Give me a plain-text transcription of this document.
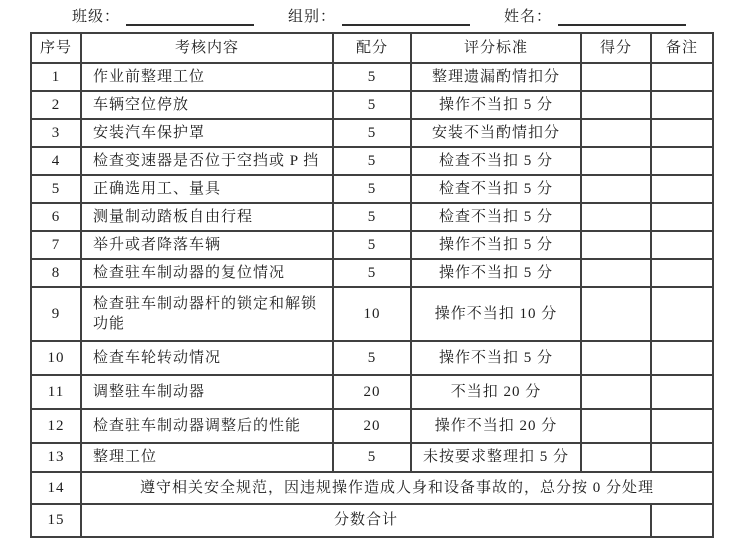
班级：	组别：	姓名：
序号	考核内容	配分	评分标准	得分	备注
1	作业前整理工位	5	整理遗漏酌情扣分		
2	车辆空位停放	5	操作不当扣 5 分		
3	安装汽车保护罩	5	安装不当酌情扣分		
4	检查变速器是否位于空挡或 P 挡	5	检查不当扣 5 分		
5	正确选用工、量具	5	检查不当扣 5 分		
6	测量制动踏板自由行程	5	检查不当扣 5 分		
7	举升或者降落车辆	5	操作不当扣 5 分		
8	检查驻车制动器的复位情况	5	操作不当扣 5 分		
9	检查驻车制动器杆的锁定和解锁功能	10	操作不当扣 10 分		
10	检查车轮转动情况	5	操作不当扣 5 分		
11	调整驻车制动器	20	不当扣 20 分		
12	检查驻车制动器调整后的性能	20	操作不当扣 20 分		
13	整理工位	5	未按要求整理扣 5 分		
14	遵守相关安全规范，因违规操作造成人身和设备事故的，总分按 0 分处理				
15	分数合计				
